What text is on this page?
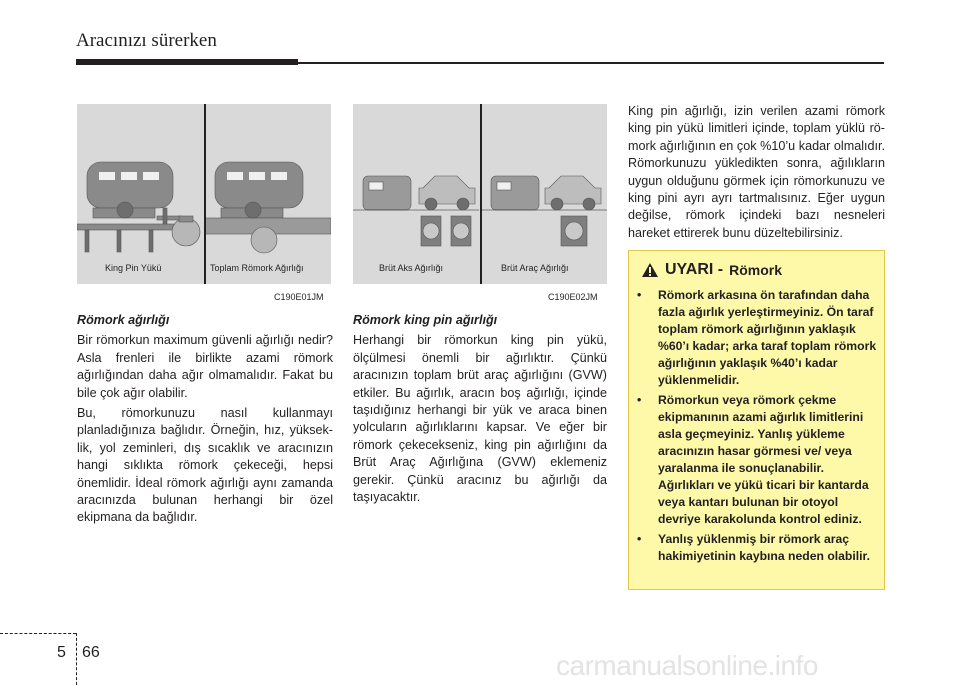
Aracınızı sürerken
King Pin Yükü	Toplam Römork Ağırlığı
C190E01JM
Brüt Aks Ağırlığı	Brüt Araç Ağırlığı
C190E02JM
Römork ağırlığı

Bir römorkun maximum güvenli ağırlığı nedir? Asla frenleri ile birlikte azami römork ağırlığından daha ağır olmamalıdır. Fakat bu bile çok ağır olabilir.

Bu, römorkunuzu nasıl kullanmayı planladığınıza bağlıdır. Örneğin, hız, yüksek-lik, yol zeminleri, dış sıcaklık ve aracınızın hangi sıklıkta römork çekeceği, hepsi önemlidir. İdeal römork ağırlığı aynı zamanda aracınızda bulunan herhangi bir özel ekipmana da bağlıdır.

Römork king pin ağırlığı

Herhangi bir römorkun king pin yükü, ölçülmesi önemli bir ağırlıktır. Çünkü aracınızın toplam brüt araç ağırlığını (GVW) etkiler. Bu ağırlık, aracın boş ağırlığı, içinde taşıdığınız herhangi bir yük ve araca binen yolcuların ağırlıklarını kapsar. Ve eğer bir römork çekecekseniz, king pin ağırlığını da Brüt Araç Ağırlığına (GVW) eklemeniz gerekir. Çünkü aracınız bu ağırlığı da taşıyacaktır.

King pin ağırlığı, izin verilen azami römork king pin yükü limitleri içinde, toplam yüklü rö-mork ağırlığının en çok %10’u kadar olmalıdır. Römorkunuzu yükledikten sonra, ağılıkların uygun olduğunu görmek için römorkunuzu ve king pini ayrı ayrı tartmalısınız. Eğer uygun değilse, römork içindeki bazı nesneleri hareket ettirerek bunu düzeltebilirsiniz.

UYARI - Römork
• Römork arkasına ön tarafından daha fazla ağırlık yerleştirmeyiniz. Ön taraf toplam römork ağırlığının yaklaşık %60’ı kadar; arka taraf toplam römork ağırlığının yaklaşık %40’ı kadar yüklenmelidir.
• Römorkun veya römork çekme ekipmanının azami ağırlık limitlerini asla geçmeyiniz. Yanlış yükleme aracınızın hasar görmesi ve/ veya yaralanma ile sonuçlanabilir. Ağırlıkları ve yükü ticari bir kantarda veya kantarı bulunan bir otoyol devriye karakolunda kontrol ediniz.
• Yanlış yüklenmiş bir römork araç hakimiyetinin kaybına neden olabilir.
5 66	carmanualsonline.info
